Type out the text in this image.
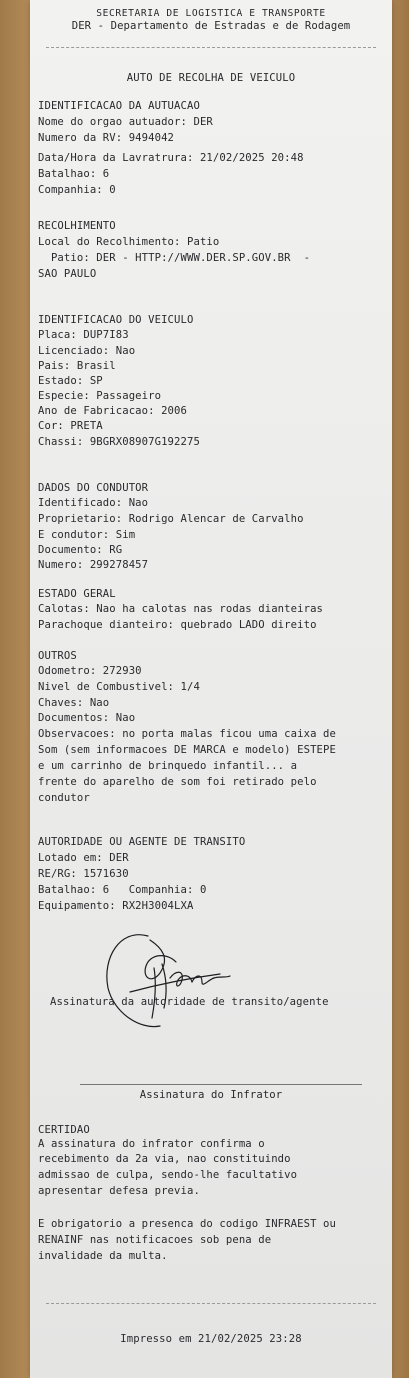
SECRETARIA DE LOGISTICA E TRANSPORTE
DER - Departamento de Estradas e de Rodagem
AUTO DE RECOLHA DE VEICULO
IDENTIFICACAO DA AUTUACAO
Nome do orgao autuador: DER
Numero da RV: 9494042
Data/Hora da Lavratrura: 21/02/2025 20:48
Batalhao: 6
Companhia: 0
RECOLHIMENTO
Local do Recolhimento: Patio
Patio: DER - HTTP://WWW.DER.SP.GOV.BR  -
SAO PAULO
IDENTIFICACAO DO VEICULO
Placa: DUP7I83
Licenciado: Nao
Pais: Brasil
Estado: SP
Especie: Passageiro
Ano de Fabricacao: 2006
Cor: PRETA
Chassi: 9BGRX08907G192275
DADOS DO CONDUTOR
Identificado: Nao
Proprietario: Rodrigo Alencar de Carvalho
E condutor: Sim
Documento: RG
Numero: 299278457
ESTADO GERAL
Calotas: Nao ha calotas nas rodas dianteiras
Parachoque dianteiro: quebrado LADO direito
OUTROS
Odometro: 272930
Nivel de Combustivel: 1/4
Chaves: Nao
Documentos: Nao
Observacoes: no porta malas ficou uma caixa de
Som (sem informacoes DE MARCA e modelo) ESTEPE
e um carrinho de brinquedo infantil... a
frente do aparelho de som foi retirado pelo
condutor
AUTORIDADE OU AGENTE DE TRANSITO
Lotado em: DER
RE/RG: 1571630
Batalhao: 6   Companhia: 0
Equipamento: RX2H3004LXA
Assinatura da autoridade de transito/agente
Assinatura do Infrator
CERTIDAO
A assinatura do infrator confirma o
recebimento da 2a via, nao constituindo
admissao de culpa, sendo-lhe facultativo
apresentar defesa previa.
E obrigatorio a presenca do codigo INFRAEST ou
RENAINF nas notificacoes sob pena de
invalidade da multa.
Impresso em 21/02/2025 23:28
